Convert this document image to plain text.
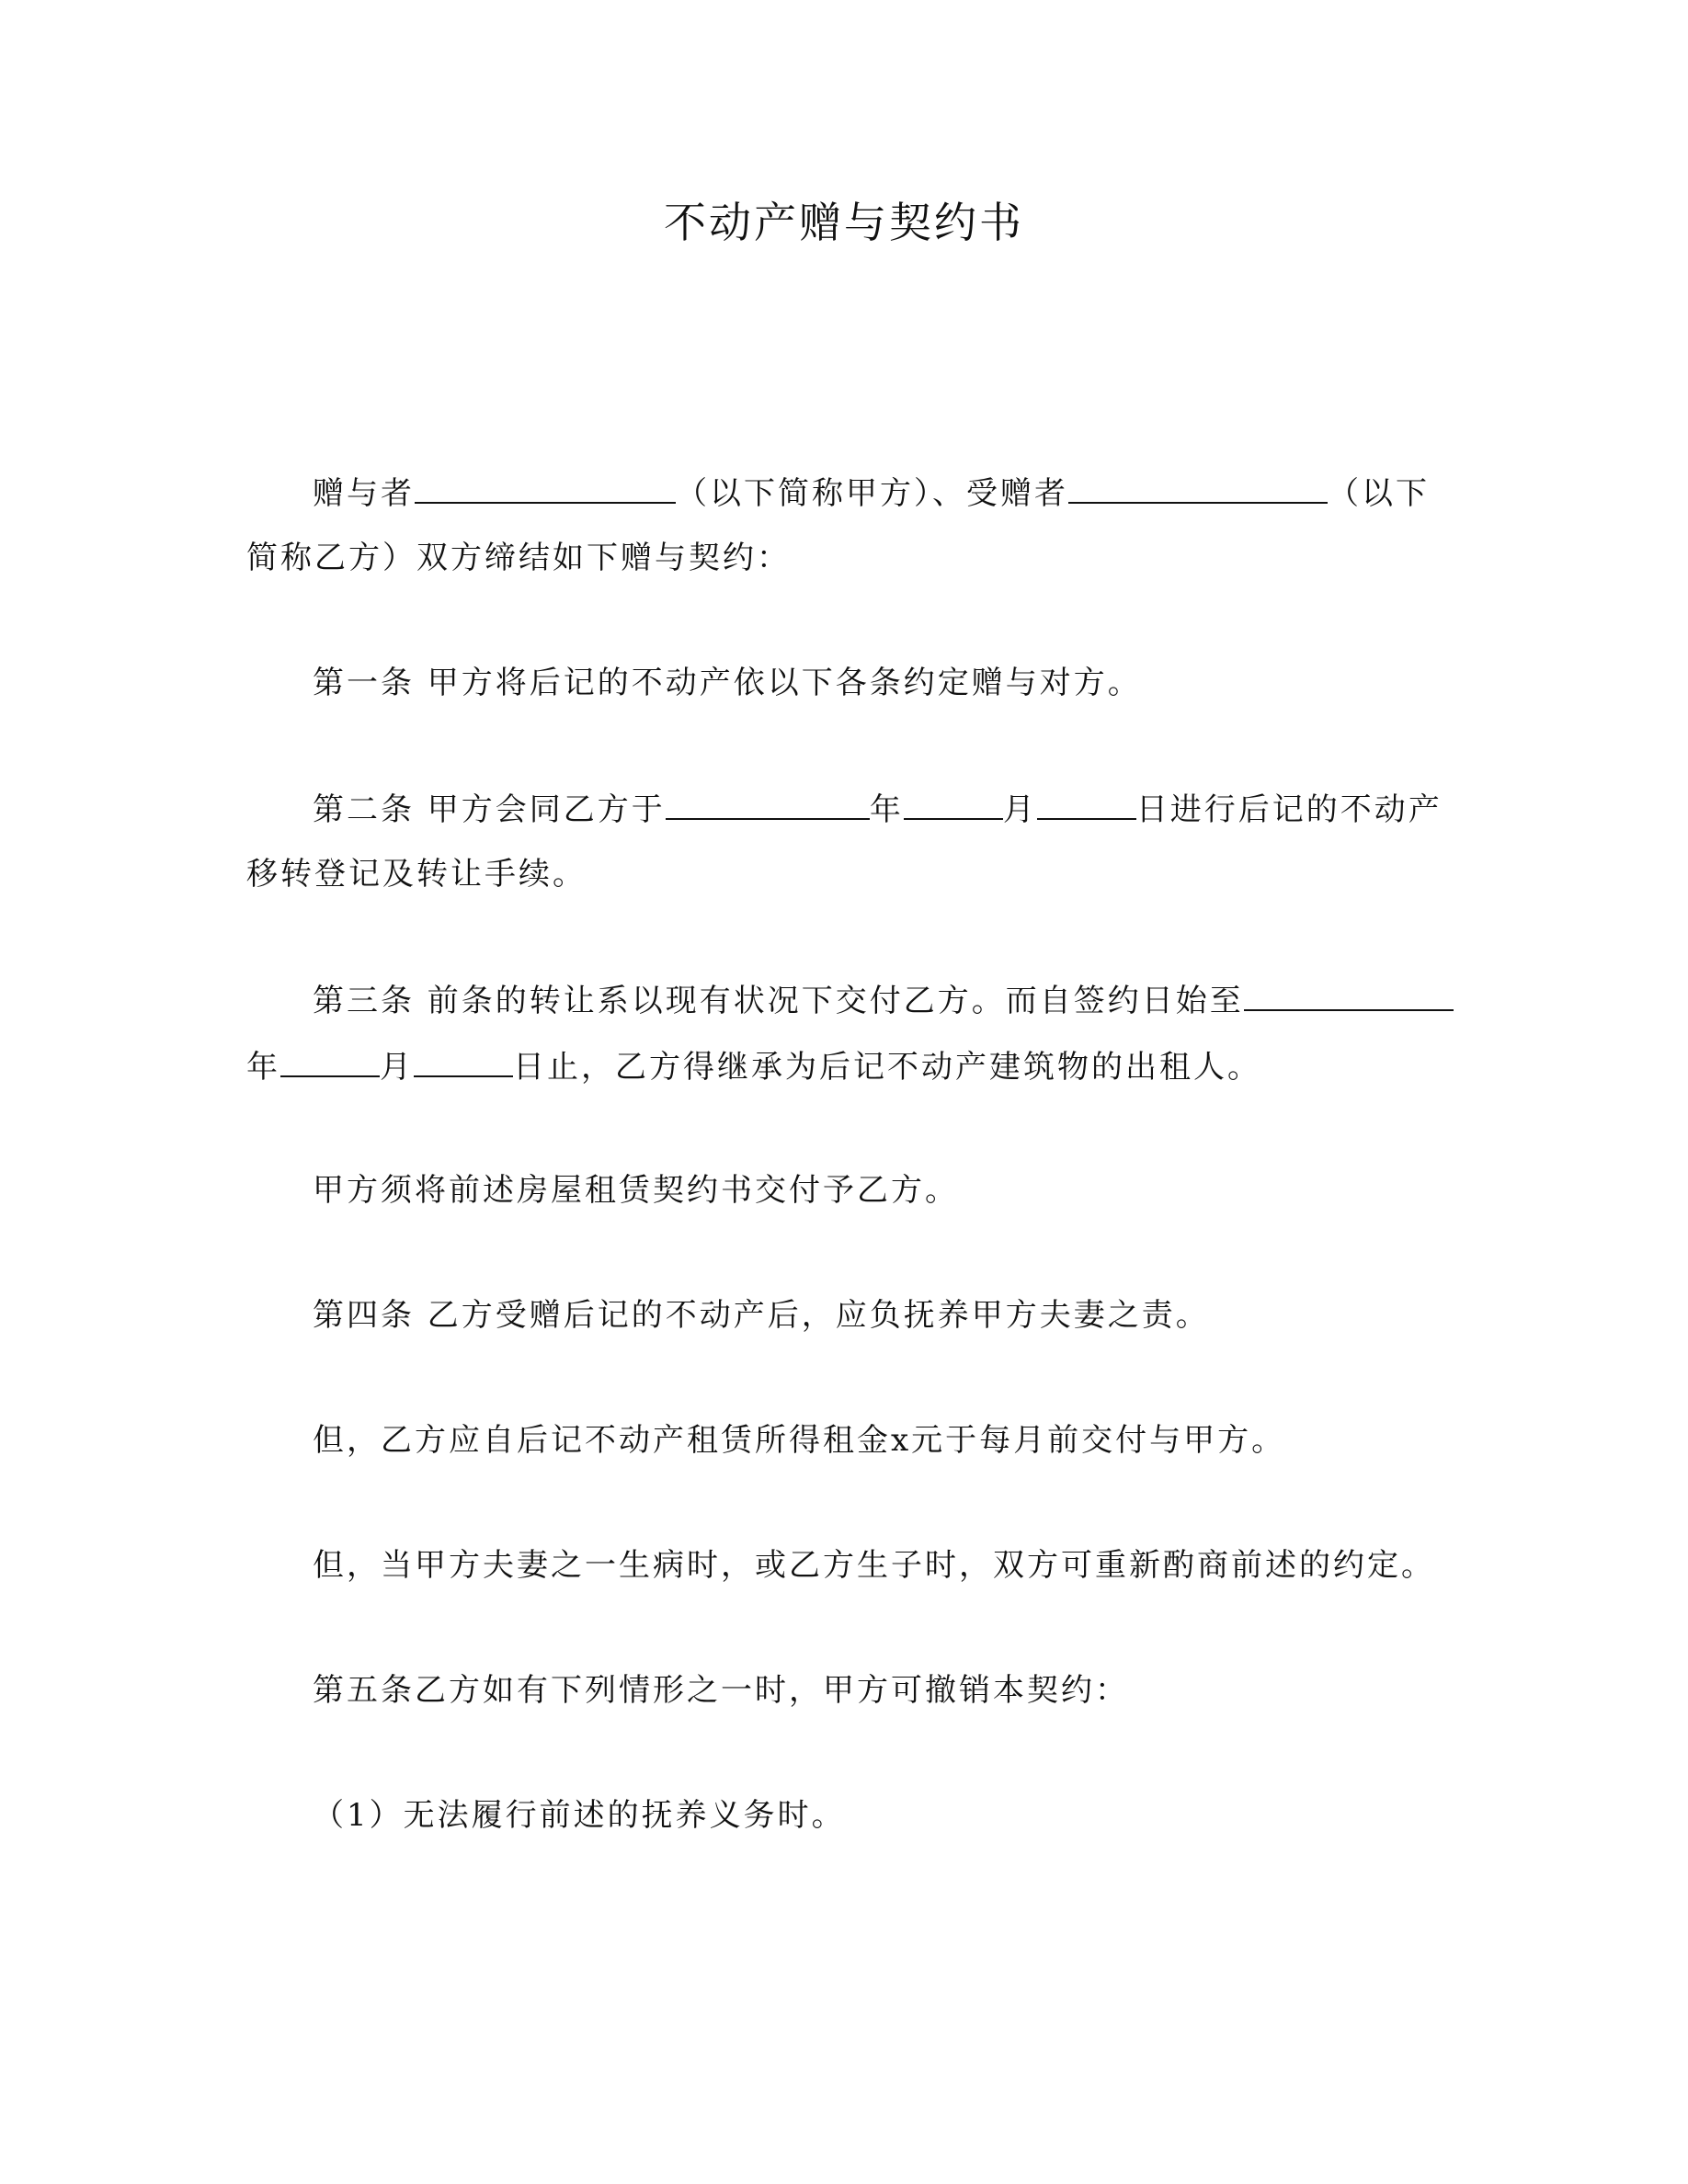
不动产赠与契约书
赠与者	（以下简称甲方）、受赠者	（以下
简称乙方）双方缔结如下赠与契约：
第一条 甲方将后记的不动产依以下各条约定赠与对方。
第二条 甲方会同乙方于	年	月	日进行后记的不动产
移转登记及转让手续。
第三条 前条的转让系以现有状况下交付乙方。而自签约日始至
年	月	日止，乙方得继承为后记不动产建筑物的出租人。
甲方须将前述房屋租赁契约书交付予乙方。
第四条 乙方受赠后记的不动产后，应负抚养甲方夫妻之责。
但，乙方应自后记不动产租赁所得租金x元于每月前交付与甲方。
但，当甲方夫妻之一生病时，或乙方生子时，双方可重新酌商前述的约定。
第五条乙方如有下列情形之一时，甲方可撤销本契约：
（1）无法履行前述的抚养义务时。
